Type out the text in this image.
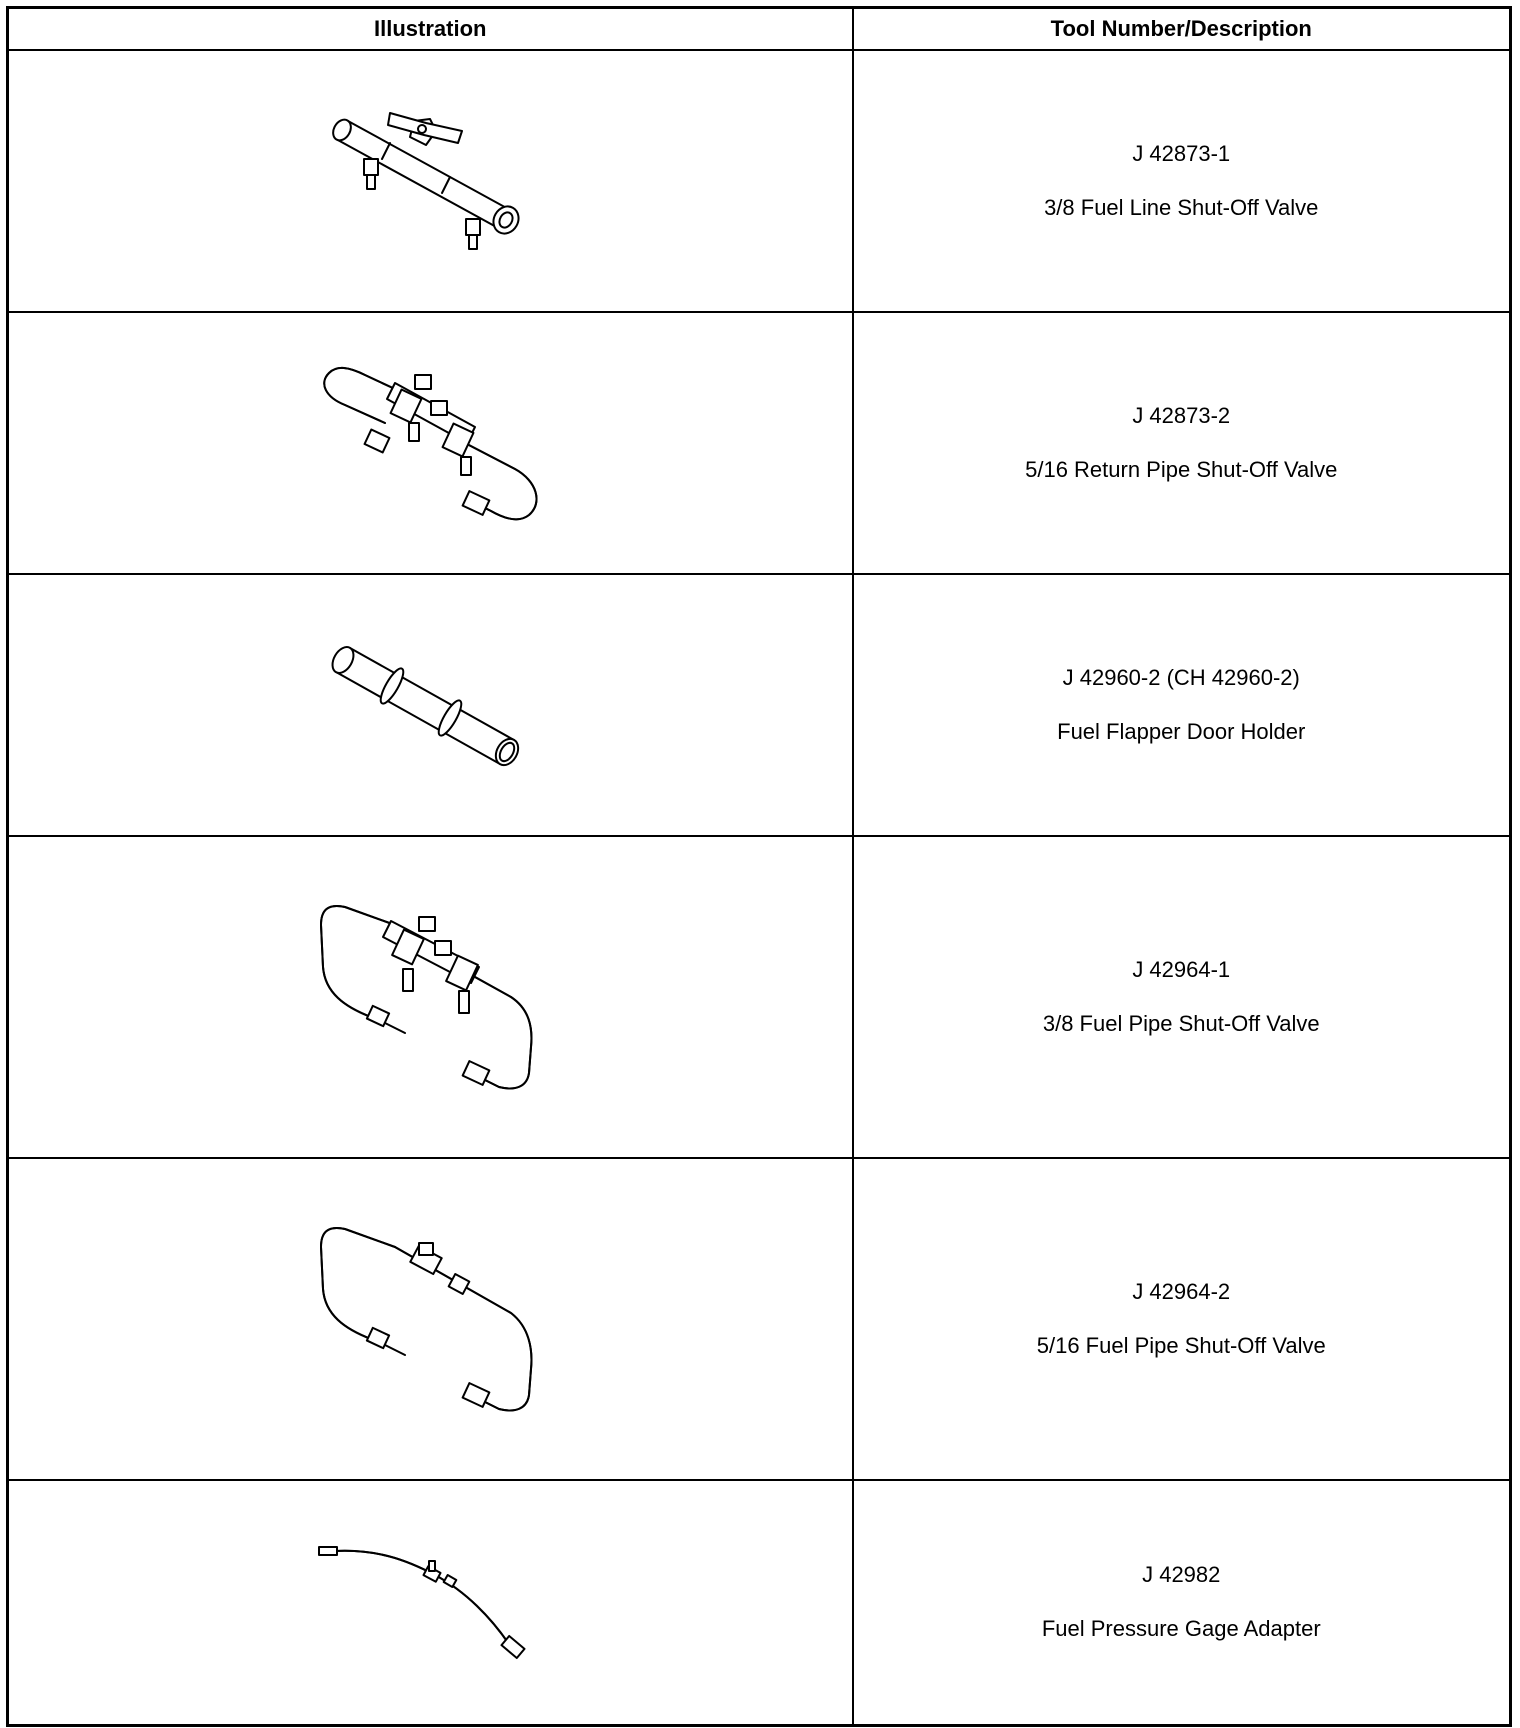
Illustration	Tool Number/Description

J 42873-1
3/8 Fuel Line Shut-Off Valve

J 42873-2
5/16 Return Pipe Shut-Off Valve

J 42960-2 (CH 42960-2)
Fuel Flapper Door Holder

J 42964-1
3/8 Fuel Pipe Shut-Off Valve

J 42964-2
5/16 Fuel Pipe Shut-Off Valve

J 42982
Fuel Pressure Gage Adapter
